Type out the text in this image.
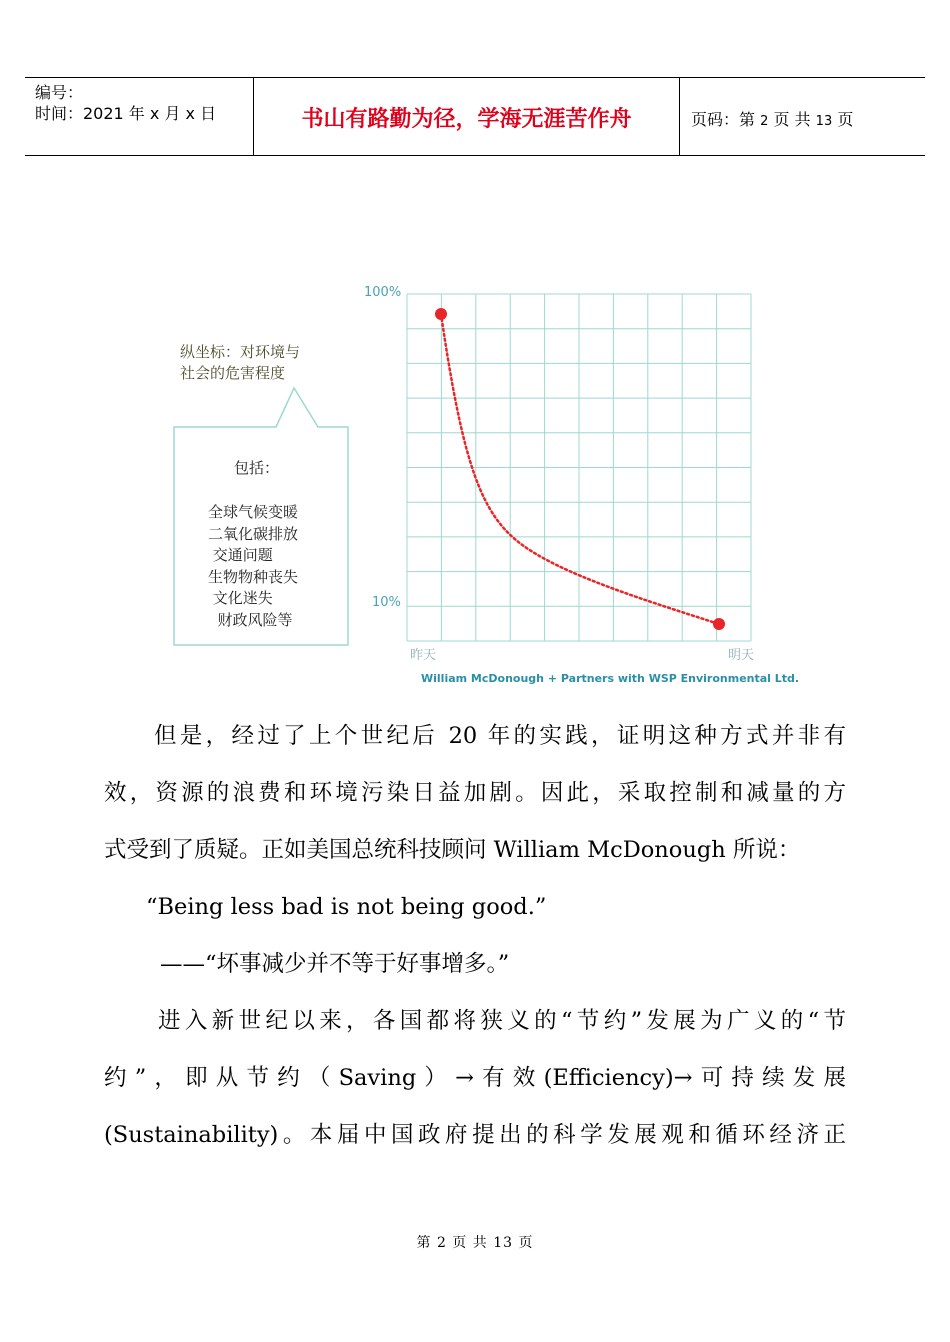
编号：
时间：2021 年 x 月 x 日	书山有路勤为径，学海无涯苦作舟	页码：第 2 页 共 13 页
纵坐标：对环境与
社会的危害程度
包括：
全球气候变暖
二氧化碳排放
交通问题
生物物种丧失
文化迷失
财政风险等
100%
10%
昨天	明天
William McDonough + Partners with WSP Environmental Ltd.
但是，经过了上个世纪后 20 年的实践，证明这种方式并非有
效，资源的浪费和环境污染日益加剧。因此，采取控制和减量的方
式受到了质疑。正如美国总统科技顾问 William McDonough 所说：
“Being less bad is not being good.”
——“坏事减少并不等于好事增多。”
进入新世纪以来，各国都将狭义的“节约”发展为广义的“节
约”，即从节约（Saving）→有效(Efficiency)→可持续发展
(Sustainability)。本届中国政府提出的科学发展观和循环经济正
第 2 页 共 13 页
